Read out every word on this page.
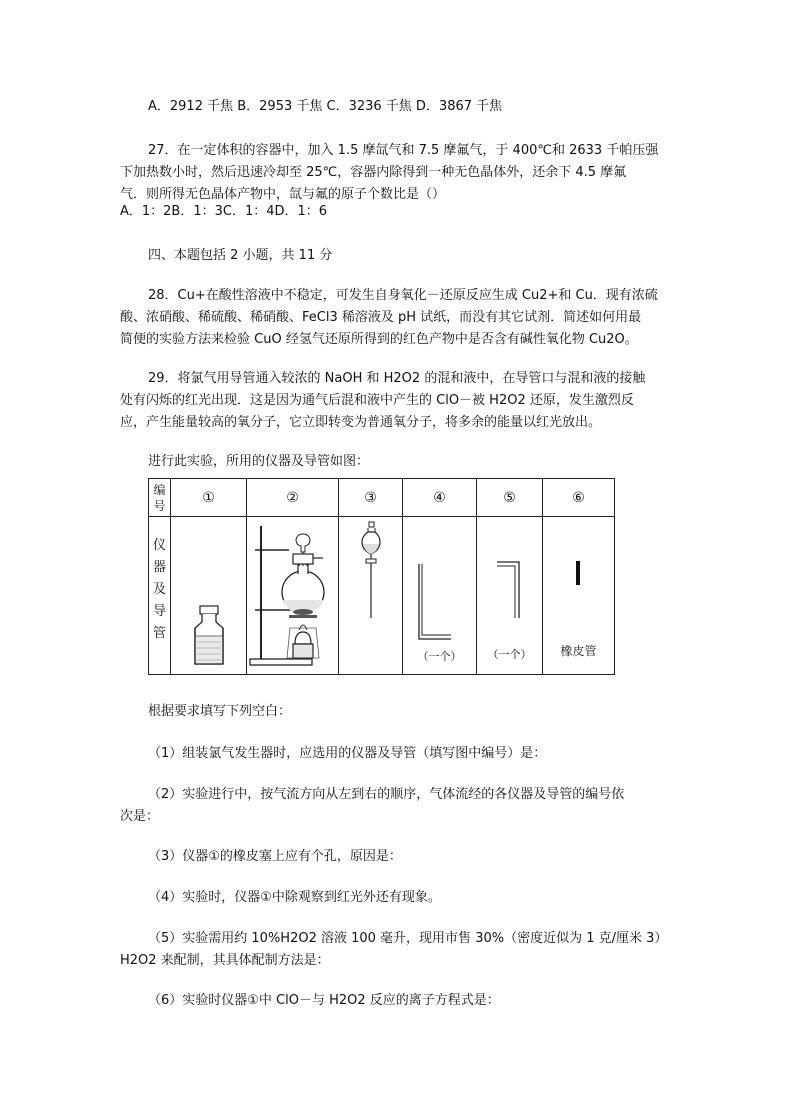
A．2912 千焦 B．2953 千焦 C．3236 千焦 D．3867 千焦
27．在一定体积的容器中，加入 1.5 摩氙气和 7.5 摩氟气，于 400℃和 2633 千帕压强
下加热数小时，然后迅速冷却至 25℃，容器内除得到一种无色晶体外，还余下 4.5 摩氟
气．则所得无色晶体产物中，氙与氟的原子个数比是（）
A．1：2B．1：3C．1：4D．1：6
四、本题包括 2 小题，共 11 分
28．Cu+在酸性溶液中不稳定，可发生自身氧化－还原反应生成 Cu2+和 Cu．现有浓硫
酸、浓硝酸、稀硫酸、稀硝酸、FeCl3 稀溶液及 pH 试纸，而没有其它试剂．简述如何用最
简便的实验方法来检验 CuO 经氢气还原所得到的红色产物中是否含有碱性氧化物 Cu2O。
29．将氯气用导管通入较浓的 NaOH 和 H2O2 的混和液中，在导管口与混和液的接触
处有闪烁的红光出现．这是因为通气后混和液中产生的 ClO－被 H2O2 还原，发生激烈反
应，产生能量较高的氧分子，它立即转变为普通氧分子，将多余的能量以红光放出。
进行此实验，所用的仪器及导管如图：
编
号	①	②	③	④	⑤	⑥

仪
器
及
导
管				（一个）	（一个）	橡皮管
根据要求填写下列空白：
（1）组装氯气发生器时，应选用的仪器及导管（填写图中编号）是：
（2）实验进行中，按气流方向从左到右的顺序，气体流经的各仪器及导管的编号依
次是：
（3）仪器①的橡皮塞上应有个孔，原因是：
（4）实验时，仪器①中除观察到红光外还有现象。
（5）实验需用约 10%H2O2 溶液 100 毫升，现用市售 30%（密度近似为 1 克/厘米 3）
H2O2 来配制，其具体配制方法是：
（6）实验时仪器①中 ClO－与 H2O2 反应的离子方程式是：
